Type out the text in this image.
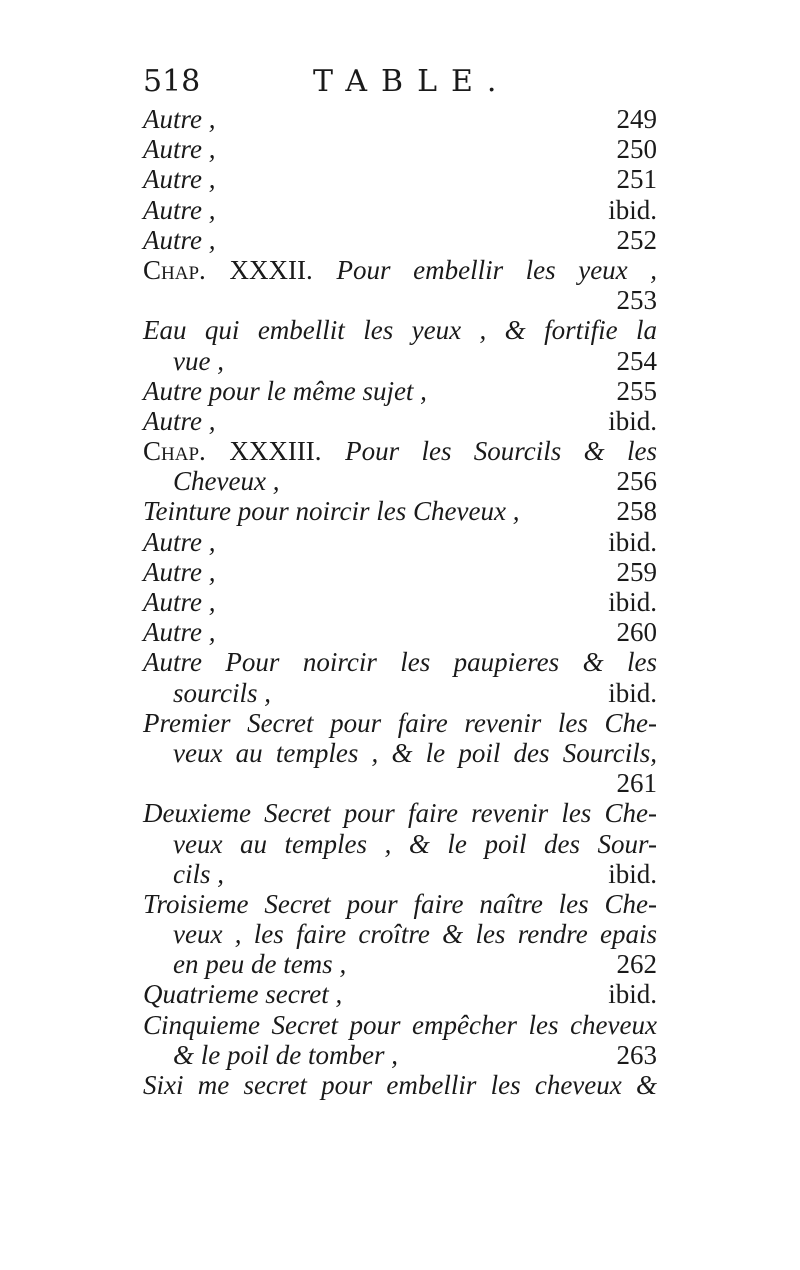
518	TABLE.
Autre ,	249
Autre ,	250
Autre ,	251
Autre ,	ibid.
Autre ,	252
Chap. XXXII. Pour embellir les yeux ,
253
Eau qui embellit les yeux , & fortifie la
vue ,	254
Autre pour le même sujet ,	255
Autre ,	ibid.
Chap. XXXIII. Pour les Sourcils & les
Cheveux ,	256
Teinture pour noircir les Cheveux ,	258
Autre ,	ibid.
Autre ,	259
Autre ,	ibid.
Autre ,	260
Autre Pour noircir les paupieres & les
sourcils ,	ibid.
Premier Secret pour faire revenir les Che-
veux au temples , & le poil des Sourcils,
261
Deuxieme Secret pour faire revenir les Che-
veux au temples , & le poil des Sour-
cils ,	ibid.
Troisieme Secret pour faire naître les Che-
veux , les faire croître & les rendre epais
en peu de tems ,	262
Quatrieme secret ,	ibid.
Cinquieme Secret pour empêcher les cheveux
& le poil de tomber ,	263
Sixi me secret pour embellir les cheveux &
